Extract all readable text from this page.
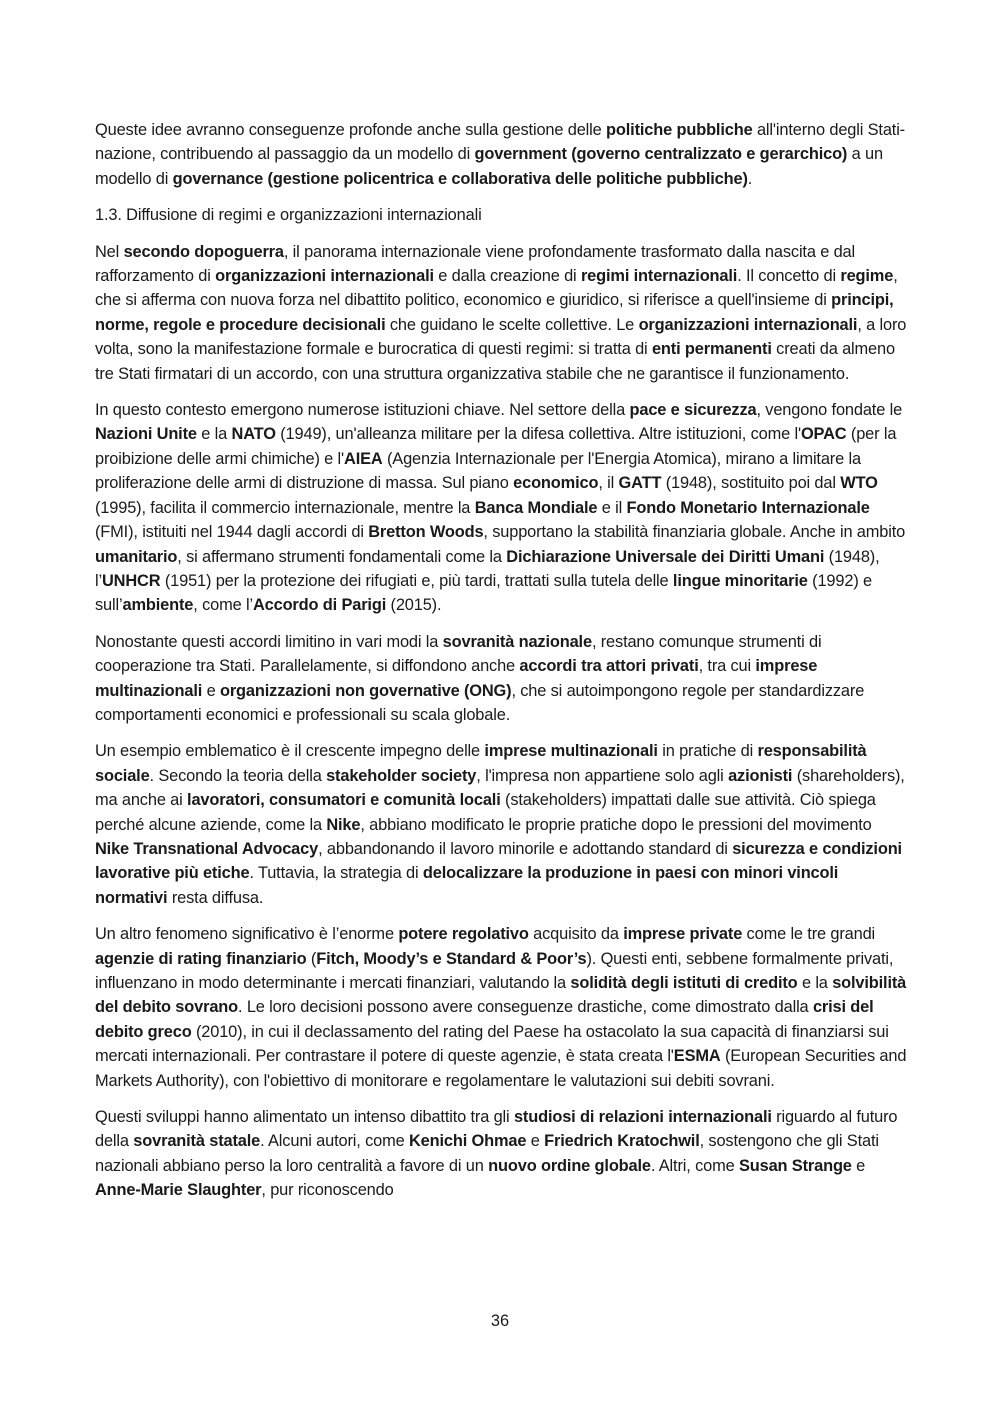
Queste idee avranno conseguenze profonde anche sulla gestione delle politiche pubbliche all'interno degli Stati-nazione, contribuendo al passaggio da un modello di government (governo centralizzato e gerarchico) a un modello di governance (gestione policentrica e collaborativa delle politiche pubbliche).

1.3. Diffusione di regimi e organizzazioni internazionali

Nel secondo dopoguerra, il panorama internazionale viene profondamente trasformato dalla nascita e dal rafforzamento di organizzazioni internazionali e dalla creazione di regimi internazionali. Il concetto di regime, che si afferma con nuova forza nel dibattito politico, economico e giuridico, si riferisce a quell'insieme di principi, norme, regole e procedure decisionali che guidano le scelte collettive. Le organizzazioni internazionali, a loro volta, sono la manifestazione formale e burocratica di questi regimi: si tratta di enti permanenti creati da almeno tre Stati firmatari di un accordo, con una struttura organizzativa stabile che ne garantisce il funzionamento.

In questo contesto emergono numerose istituzioni chiave. Nel settore della pace e sicurezza, vengono fondate le Nazioni Unite e la NATO (1949), un'alleanza militare per la difesa collettiva. Altre istituzioni, come l'OPAC (per la proibizione delle armi chimiche) e l'AIEA (Agenzia Internazionale per l'Energia Atomica), mirano a limitare la proliferazione delle armi di distruzione di massa. Sul piano economico, il GATT (1948), sostituito poi dal WTO (1995), facilita il commercio internazionale, mentre la Banca Mondiale e il Fondo Monetario Internazionale (FMI), istituiti nel 1944 dagli accordi di Bretton Woods, supportano la stabilità finanziaria globale. Anche in ambito umanitario, si affermano strumenti fondamentali come la Dichiarazione Universale dei Diritti Umani (1948), l’UNHCR (1951) per la protezione dei rifugiati e, più tardi, trattati sulla tutela delle lingue minoritarie (1992) e sull’ambiente, come l’Accordo di Parigi (2015).

Nonostante questi accordi limitino in vari modi la sovranità nazionale, restano comunque strumenti di cooperazione tra Stati. Parallelamente, si diffondono anche accordi tra attori privati, tra cui imprese multinazionali e organizzazioni non governative (ONG), che si autoimpongono regole per standardizzare comportamenti economici e professionali su scala globale.

Un esempio emblematico è il crescente impegno delle imprese multinazionali in pratiche di responsabilità sociale. Secondo la teoria della stakeholder society, l'impresa non appartiene solo agli azionisti (shareholders), ma anche ai lavoratori, consumatori e comunità locali (stakeholders) impattati dalle sue attività. Ciò spiega perché alcune aziende, come la Nike, abbiano modificato le proprie pratiche dopo le pressioni del movimento Nike Transnational Advocacy, abbandonando il lavoro minorile e adottando standard di sicurezza e condizioni lavorative più etiche. Tuttavia, la strategia di delocalizzare la produzione in paesi con minori vincoli normativi resta diffusa.

Un altro fenomeno significativo è l’enorme potere regolativo acquisito da imprese private come le tre grandi agenzie di rating finanziario (Fitch, Moody’s e Standard & Poor’s). Questi enti, sebbene formalmente privati, influenzano in modo determinante i mercati finanziari, valutando la solidità degli istituti di credito e la solvibilità del debito sovrano. Le loro decisioni possono avere conseguenze drastiche, come dimostrato dalla crisi del debito greco (2010), in cui il declassamento del rating del Paese ha ostacolato la sua capacità di finanziarsi sui mercati internazionali. Per contrastare il potere di queste agenzie, è stata creata l'ESMA (European Securities and Markets Authority), con l'obiettivo di monitorare e regolamentare le valutazioni sui debiti sovrani.

Questi sviluppi hanno alimentato un intenso dibattito tra gli studiosi di relazioni internazionali riguardo al futuro della sovranità statale. Alcuni autori, come Kenichi Ohmae e Friedrich Kratochwil, sostengono che gli Stati nazionali abbiano perso la loro centralità a favore di un nuovo ordine globale. Altri, come Susan Strange e Anne-Marie Slaughter, pur riconoscendo

36
